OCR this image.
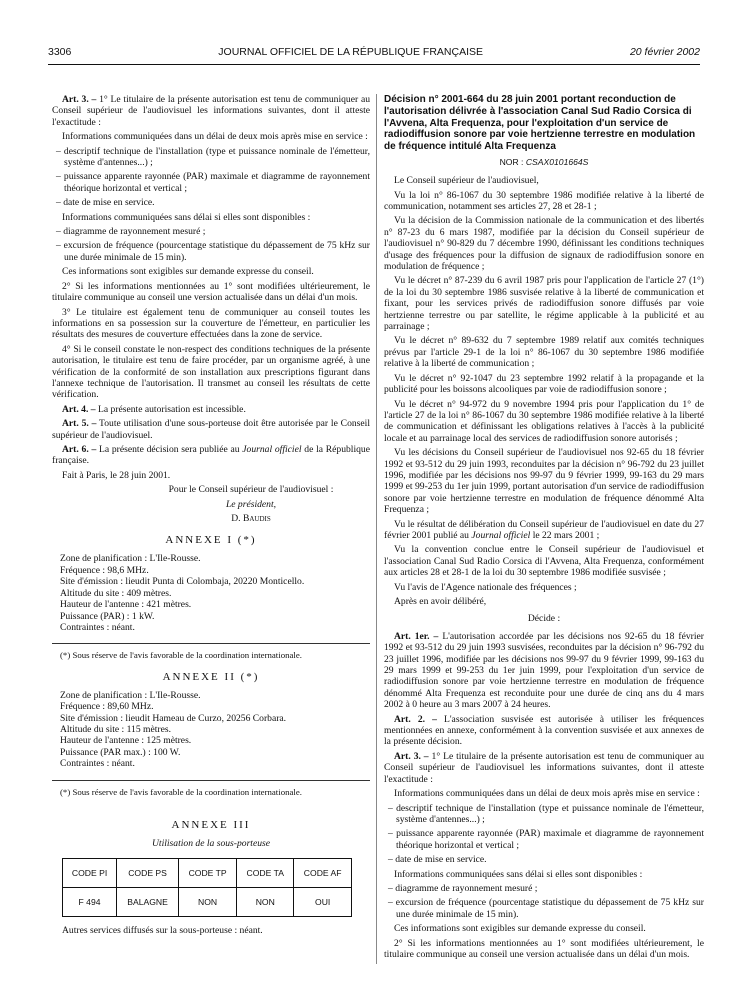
3306	JOURNAL OFFICIEL DE LA RÉPUBLIQUE FRANÇAISE	20 février 2002

Art. 3. – 1° Le titulaire de la présente autorisation est tenu de communiquer au Conseil supérieur de l'audiovisuel les informations suivantes, dont il atteste l'exactitude :

Informations communiquées dans un délai de deux mois après mise en service :

– descriptif technique de l'installation (type et puissance nominale de l'émetteur, système d'antennes...) ;

– puissance apparente rayonnée (PAR) maximale et diagramme de rayonnement théorique horizontal et vertical ;

– date de mise en service.

Informations communiquées sans délai si elles sont disponibles :

– diagramme de rayonnement mesuré ;

– excursion de fréquence (pourcentage statistique du dépassement de 75 kHz sur une durée minimale de 15 min).

Ces informations sont exigibles sur demande expresse du conseil.

2° Si les informations mentionnées au 1° sont modifiées ultérieurement, le titulaire communique au conseil une version actualisée dans un délai d'un mois.

3° Le titulaire est également tenu de communiquer au conseil toutes les informations en sa possession sur la couverture de l'émetteur, en particulier les résultats des mesures de couverture effectuées dans la zone de service.

4° Si le conseil constate le non-respect des conditions techniques de la présente autorisation, le titulaire est tenu de faire procéder, par un organisme agréé, à une vérification de la conformité de son installation aux prescriptions figurant dans l'annexe technique de l'autorisation. Il transmet au conseil les résultats de cette vérification.

Art. 4. – La présente autorisation est incessible.

Art. 5. – Toute utilisation d'une sous-porteuse doit être autorisée par le Conseil supérieur de l'audiovisuel.

Art. 6. – La présente décision sera publiée au Journal officiel de la République française.

Fait à Paris, le 28 juin 2001.

Pour le Conseil supérieur de l'audiovisuel :

Le président,

D. Baudis

ANNEXE I (*)

Zone de planification : L'Ile-Rousse.

Fréquence : 98,6 MHz.

Site d'émission : lieudit Punta di Colombaja, 20220 Monticello.

Altitude du site : 409 mètres.

Hauteur de l'antenne : 421 mètres.

Puissance (PAR) : 1 kW.

Contraintes : néant.

(*) Sous réserve de l'avis favorable de la coordination internationale.

ANNEXE II (*)

Zone de planification : L'Ile-Rousse.

Fréquence : 89,60 MHz.

Site d'émission : lieudit Hameau de Curzo, 20256 Corbara.

Altitude du site : 115 mètres.

Hauteur de l'antenne : 125 mètres.

Puissance (PAR max.) : 100 W.

Contraintes : néant.

(*) Sous réserve de l'avis favorable de la coordination internationale.

ANNEXE III

Utilisation de la sous-porteuse

CODE PI	CODE PS	CODE TP	CODE TA	CODE AF
F 494	BALAGNE	NON	NON	OUI

Autres services diffusés sur la sous-porteuse : néant.

Décision n° 2001-664 du 28 juin 2001 portant reconduction de l'autorisation délivrée à l'association Canal Sud Radio Corsica di l'Avvena, Alta Frequenza, pour l'exploitation d'un service de radiodiffusion sonore par voie hertzienne terrestre en modulation de fréquence intitulé Alta Frequenza

NOR : CSAX0101664S

Le Conseil supérieur de l'audiovisuel,

Vu la loi n° 86-1067 du 30 septembre 1986 modifiée relative à la liberté de communication, notamment ses articles 27, 28 et 28-1 ;

Vu la décision de la Commission nationale de la communication et des libertés n° 87-23 du 6 mars 1987, modifiée par la décision du Conseil supérieur de l'audiovisuel n° 90-829 du 7 décembre 1990, définissant les conditions techniques d'usage des fréquences pour la diffusion de signaux de radiodiffusion sonore en modulation de fréquence ;

Vu le décret n° 87-239 du 6 avril 1987 pris pour l'application de l'article 27 (1°) de la loi du 30 septembre 1986 susvisée relative à la liberté de communication et fixant, pour les services privés de radiodiffusion sonore diffusés par voie hertzienne terrestre ou par satellite, le régime applicable à la publicité et au parrainage ;

Vu le décret n° 89-632 du 7 septembre 1989 relatif aux comités techniques prévus par l'article 29-1 de la loi n° 86-1067 du 30 septembre 1986 modifiée relative à la liberté de communication ;

Vu le décret n° 92-1047 du 23 septembre 1992 relatif à la propagande et la publicité pour les boissons alcooliques par voie de radiodiffusion sonore ;

Vu le décret n° 94-972 du 9 novembre 1994 pris pour l'application du 1° de l'article 27 de la loi n° 86-1067 du 30 septembre 1986 modifiée relative à la liberté de communication et définissant les obligations relatives à l'accès à la publicité locale et au parrainage local des services de radiodiffusion sonore autorisés ;

Vu les décisions du Conseil supérieur de l'audiovisuel nos 92-65 du 18 février 1992 et 93-512 du 29 juin 1993, reconduites par la décision n° 96-792 du 23 juillet 1996, modifiée par les décisions nos 99-97 du 9 février 1999, 99-163 du 29 mars 1999 et 99-253 du 1er juin 1999, portant autorisation d'un service de radiodiffusion sonore par voie hertzienne terrestre en modulation de fréquence dénommé Alta Frequenza ;

Vu le résultat de délibération du Conseil supérieur de l'audiovisuel en date du 27 février 2001 publié au Journal officiel le 22 mars 2001 ;

Vu la convention conclue entre le Conseil supérieur de l'audiovisuel et l'association Canal Sud Radio Corsica di l'Avvena, Alta Frequenza, conformément aux articles 28 et 28-1 de la loi du 30 septembre 1986 modifiée susvisée ;

Vu l'avis de l'Agence nationale des fréquences ;

Après en avoir délibéré,

Décide :

Art. 1er. – L'autorisation accordée par les décisions nos 92-65 du 18 février 1992 et 93-512 du 29 juin 1993 susvisées, reconduites par la décision n° 96-792 du 23 juillet 1996, modifiée par les décisions nos 99-97 du 9 février 1999, 99-163 du 29 mars 1999 et 99-253 du 1er juin 1999, pour l'exploitation d'un service de radiodiffusion sonore par voie hertzienne terrestre en modulation de fréquence dénommé Alta Frequenza est reconduite pour une durée de cinq ans du 4 mars 2002 à 0 heure au 3 mars 2007 à 24 heures.

Art. 2. – L'association susvisée est autorisée à utiliser les fréquences mentionnées en annexe, conformément à la convention susvisée et aux annexes de la présente décision.

Art. 3. – 1° Le titulaire de la présente autorisation est tenu de communiquer au Conseil supérieur de l'audiovisuel les informations suivantes, dont il atteste l'exactitude :

Informations communiquées dans un délai de deux mois après mise en service :

– descriptif technique de l'installation (type et puissance nominale de l'émetteur, système d'antennes...) ;

– puissance apparente rayonnée (PAR) maximale et diagramme de rayonnement théorique horizontal et vertical ;

– date de mise en service.

Informations communiquées sans délai si elles sont disponibles :

– diagramme de rayonnement mesuré ;

– excursion de fréquence (pourcentage statistique du dépassement de 75 kHz sur une durée minimale de 15 min).

Ces informations sont exigibles sur demande expresse du conseil.

2° Si les informations mentionnées au 1° sont modifiées ultérieurement, le titulaire communique au conseil une version actualisée dans un délai d'un mois.
